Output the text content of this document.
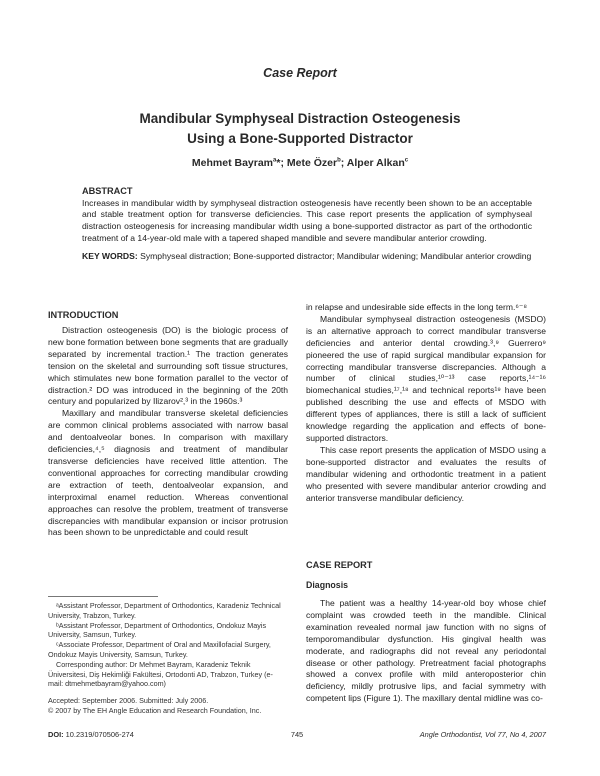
Case Report
Mandibular Symphyseal Distraction Osteogenesis
Using a Bone-Supported Distractor
Mehmet Bayram$^a$*; Mete Özer$^b$; Alper Alkan$^c$
ABSTRACT
Increases in mandibular width by symphyseal distraction osteogenesis have recently been shown to be an acceptable and stable treatment option for transverse deficiencies. This case report presents the application of symphyseal distraction osteogenesis for increasing mandibular width using a bone-supported distractor as part of the orthodontic treatment of a 14-year-old male with a tapered shaped mandible and severe mandibular anterior crowding.
KEY WORDS: Symphyseal distraction; Bone-supported distractor; Mandibular widening; Mandibular anterior crowding
INTRODUCTION

Distraction osteogenesis (DO) is the biologic process of new bone formation between bone segments that are gradually separated by incremental traction.¹ The traction generates tension on the skeletal and surrounding soft tissue structures, which stimulates new bone formation parallel to the vector of distraction.² DO was introduced in the beginning of the 20th century and popularized by Ilizarov²,³ in the 1960s.³

Maxillary and mandibular transverse skeletal deficiencies are common clinical problems associated with narrow basal and dentoalveolar bones. In comparison with maxillary deficiencies,⁴,⁵ diagnosis and treatment of mandibular transverse deficiencies have received little attention. The conventional approaches for correcting mandibular crowding are extraction of teeth, dentoalveolar expansion, and interproximal enamel reduction. Whereas conventional approaches can resolve the problem, treatment of transverse discrepancies with mandibular expansion or incisor protrusion has been shown to be unpredictable and could result

ᵃAssistant Professor, Department of Orthodontics, Karadeniz Technical University, Trabzon, Turkey.

ᵇAssistant Professor, Department of Orthodontics, Ondokuz Mayis University, Samsun, Turkey.

ᶜAssociate Professor, Department of Oral and Maxillofacial Surgery, Ondokuz Mayis University, Samsun, Turkey.

Corresponding author: Dr Mehmet Bayram, Karadeniz Teknik Üniversitesi, Diş Hekimliği Fakültesi, Ortodonti AD, Trabzon, Turkey (e-mail: dtmehmetbayram@yahoo.com)

Accepted: September 2006. Submitted: July 2006.

© 2007 by The EH Angle Education and Research Foundation, Inc.

in relapse and undesirable side effects in the long term.⁶⁻⁸

Mandibular symphyseal distraction osteogenesis (MSDO) is an alternative approach to correct mandibular transverse deficiencies and anterior dental crowding.³,⁹ Guerrero⁹ pioneered the use of rapid surgical mandibular expansion for correcting mandibular transverse discrepancies. Although a number of clinical studies,¹⁰⁻¹³ case reports,¹⁴⁻¹⁶ biomechanical studies,¹⁷,¹⁸ and technical reports¹⁹ have been published describing the use and effects of MSDO with different types of appliances, there is still a lack of sufficient knowledge regarding the application and effects of bone-supported distractors.

This case report presents the application of MSDO using a bone-supported distractor and evaluates the results of mandibular widening and orthodontic treatment in a patient who presented with severe mandibular anterior crowding and anterior transverse mandibular deficiency.

CASE REPORT
Diagnosis

The patient was a healthy 14-year-old boy whose chief complaint was crowded teeth in the mandible. Clinical examination revealed normal jaw function with no signs of temporomandibular dysfunction. His gingival health was moderate, and radiographs did not reveal any periodontal disease or other pathology. Pretreatment facial photographs showed a convex profile with mild anteroposterior chin deficiency, mildly protrusive lips, and facial symmetry with competent lips (Figure 1). The maxillary dental midline was co-

DOI: 10.2319/070506-274	745	Angle Orthodontist, Vol 77, No 4, 2007
